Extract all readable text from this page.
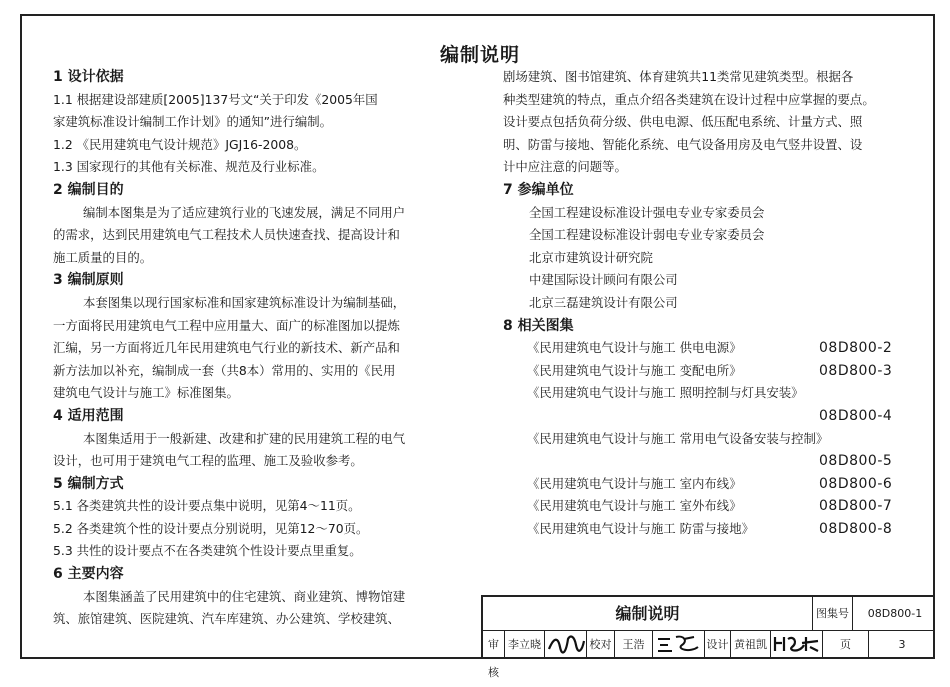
编制说明
1 设计依据
1.1 根据建设部建质[2005]137号文“关于印发《2005年国
家建筑标准设计编制工作计划》的通知”进行编制。
1.2 《民用建筑电气设计规范》JGJ16-2008。
1.3 国家现行的其他有关标准、规范及行业标准。
2 编制目的
编制本图集是为了适应建筑行业的飞速发展，满足不同用户
的需求，达到民用建筑电气工程技术人员快速查找、提高设计和
施工质量的目的。
3 编制原则
本套图集以现行国家标准和国家建筑标准设计为编制基础，
一方面将民用建筑电气工程中应用量大、面广的标准图加以提炼
汇编，另一方面将近几年民用建筑电气行业的新技术、新产品和
新方法加以补充，编制成一套（共8本）常用的、实用的《民用
建筑电气设计与施工》标准图集。
4 适用范围
本图集适用于一般新建、改建和扩建的民用建筑工程的电气
设计，也可用于建筑电气工程的监理、施工及验收参考。
5 编制方式
5.1 各类建筑共性的设计要点集中说明，见第4～11页。
5.2 各类建筑个性的设计要点分别说明，见第12～70页。
5.3 共性的设计要点不在各类建筑个性设计要点里重复。
6 主要内容
本图集涵盖了民用建筑中的住宅建筑、商业建筑、博物馆建
筑、旅馆建筑、医院建筑、汽车库建筑、办公建筑、学校建筑、
剧场建筑、图书馆建筑、体育建筑共11类常见建筑类型。根据各
种类型建筑的特点，重点介绍各类建筑在设计过程中应掌握的要点。
设计要点包括负荷分级、供电电源、低压配电系统、计量方式、照
明、防雷与接地、智能化系统、电气设备用房及电气竖井设置、设
计中应注意的问题等。
7 参编单位
全国工程建设标准设计强电专业专家委员会
全国工程建设标准设计弱电专业专家委员会
北京市建筑设计研究院
中建国际设计顾问有限公司
北京三磊建筑设计有限公司
8 相关图集
《民用建筑电气设计与施工 供电电源》	08D800-2
《民用建筑电气设计与施工 变配电所》	08D800-3
《民用建筑电气设计与施工 照明控制与灯具安装》
08D800-4
《民用建筑电气设计与施工 常用电气设备安装与控制》
08D800-5
《民用建筑电气设计与施工 室内布线》	08D800-6
《民用建筑电气设计与施工 室外布线》	08D800-7
《民用建筑电气设计与施工 防雷与接地》	08D800-8
编制说明	图集号	08D800-1
审核
李立晓	校对	王浩	设计 黄祖凯	页	3
